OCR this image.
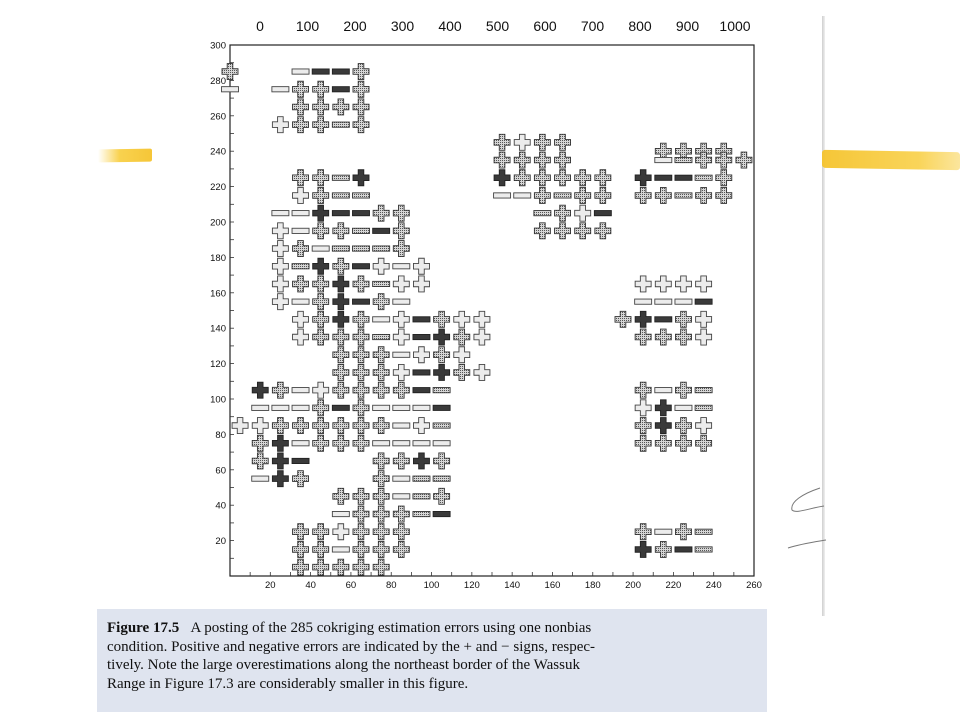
0 100 200 300 400 500 600 700 800 900 1000
20
40
60
80
100
120
140
160
180
200
220
240
260
280
300
20	40	60	80	100	120	140	160	180	200	220	240	260
Figure 17.5 A posting of the 285 cokriging estimation errors using one nonbias
condition. Positive and negative errors are indicated by the + and − signs, respec-
tively. Note the large overestimations along the northeast border of the Wassuk
Range in Figure 17.3 are considerably smaller in this figure.
